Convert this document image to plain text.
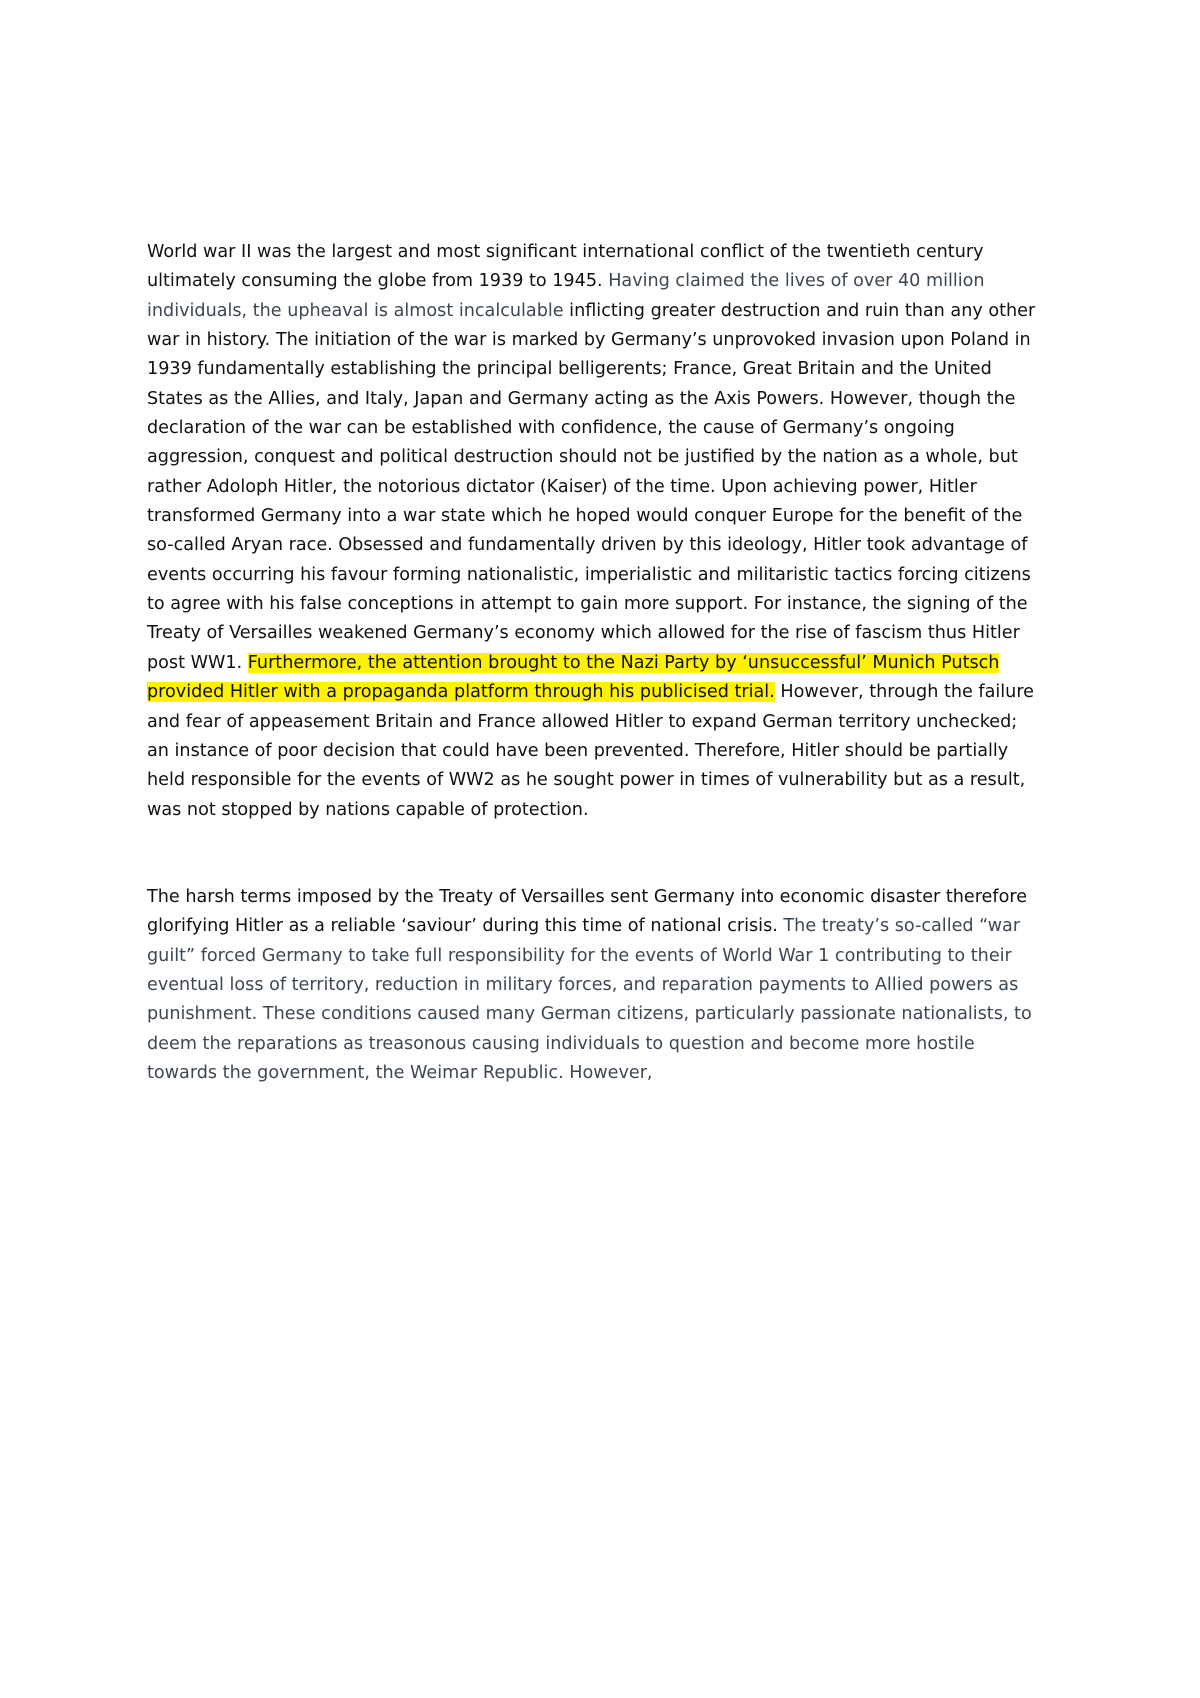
World war II was the largest and most significant international conflict of the twentieth century
ultimately consuming the globe from 1939 to 1945. Having claimed the lives of over 40 million
individuals, the upheaval is almost incalculable inflicting greater destruction and ruin than any other
war in history. The initiation of the war is marked by Germany’s unprovoked invasion upon Poland in
1939 fundamentally establishing the principal belligerents; France, Great Britain and the United
States as the Allies, and Italy, Japan and Germany acting as the Axis Powers. However, though the
declaration of the war can be established with confidence, the cause of Germany’s ongoing
aggression, conquest and political destruction should not be justified by the nation as a whole, but
rather Adoloph Hitler, the notorious dictator (Kaiser) of the time. Upon achieving power, Hitler
transformed Germany into a war state which he hoped would conquer Europe for the benefit of the
so-called Aryan race. Obsessed and fundamentally driven by this ideology, Hitler took advantage of
events occurring his favour forming nationalistic, imperialistic and militaristic tactics forcing citizens
to agree with his false conceptions in attempt to gain more support. For instance, the signing of the
Treaty of Versailles weakened Germany’s economy which allowed for the rise of fascism thus Hitler
post WW1. Furthermore, the attention brought to the Nazi Party by ‘unsuccessful’ Munich Putsch
provided Hitler with a propaganda platform through his publicised trial. However, through the failure
and fear of appeasement Britain and France allowed Hitler to expand German territory unchecked;
an instance of poor decision that could have been prevented. Therefore, Hitler should be partially
held responsible for the events of WW2 as he sought power in times of vulnerability but as a result,
was not stopped by nations capable of protection.
The harsh terms imposed by the Treaty of Versailles sent Germany into economic disaster therefore
glorifying Hitler as a reliable ‘saviour’ during this time of national crisis. The treaty’s so-called “war
guilt” forced Germany to take full responsibility for the events of World War 1 contributing to their
eventual loss of territory, reduction in military forces, and reparation payments to Allied powers as
punishment. These conditions caused many German citizens, particularly passionate nationalists, to
deem the reparations as treasonous causing individuals to question and become more hostile
towards the government, the Weimar Republic. However,
